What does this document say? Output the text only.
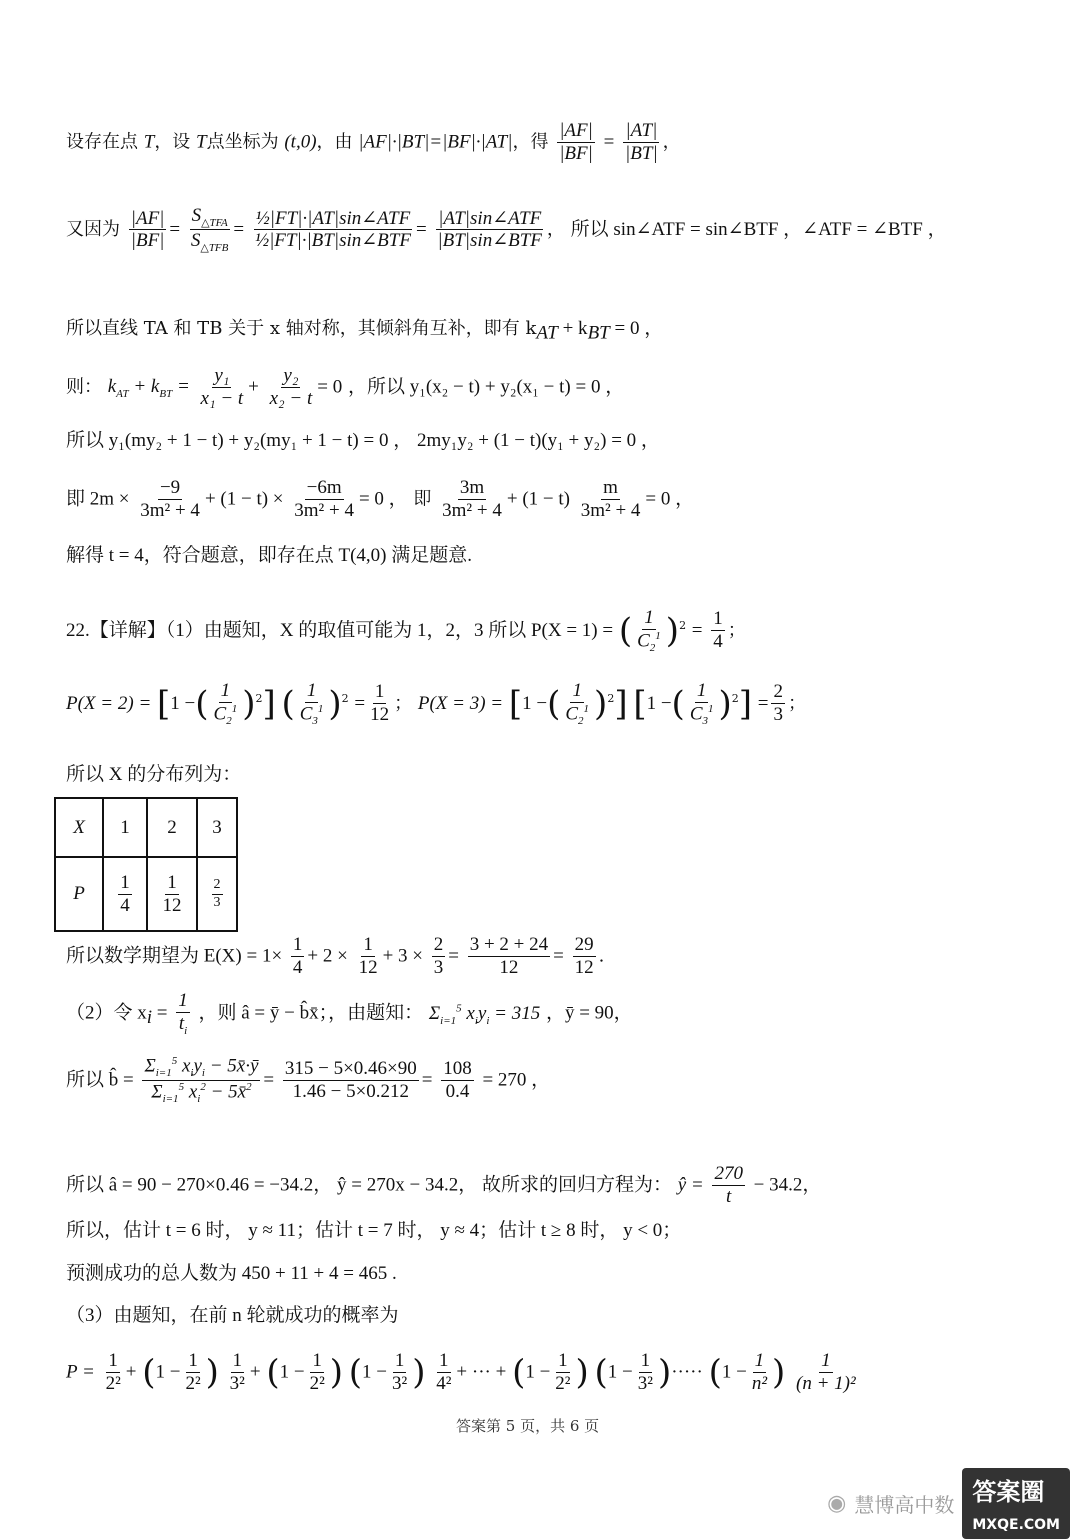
设存在点 T，设 T点坐标为 (t,0)，由 |AF|·|BT|=|BF|·|AT|，得 $\frac{|AF|}{|BF|} = \frac{|AT|}{|BT|}$ ，
又因为 $\frac{|AF|}{|BF|} = \frac{S_{\triangle TFA}}{S_{\triangle TFB}} = \frac{\text{½|FT|·|AT|sin∠ATF}}{\text{½|FT|·|BT|sin∠BTF}} = \frac{\text{|AT|sin∠ATF}}{\text{|BT|sin∠BTF}}$ ， 所以 sin∠ATF = sin∠BTF ，∠ATF = ∠BTF ，
所以直线 TA 和 TB 关于 x 轴对称，其倾斜角互补，即有 $k_{AT} + k_{BT} = 0$ ，
则： $k_{AT} + k_{BT} = \frac{\text{y₁}}{\text{x₁ − t}} + \frac{\text{y₂}}{\text{x₂ − t}} = 0$ ，所以 y₁(x₂ − t) + y₂(x₁ − t) = 0 ，
所以 y₁(my₂ + 1 − t) + y₂(my₁ + 1 − t) = 0 ， 2my₁y₂ + (1 − t)(y₁ + y₂) = 0 ，
即 $2m \times \frac{-9}{\text{3m² + 4}} + (1 - t) \times \frac{-6m}{\text{3m² + 4}} = 0$ ， 即 $\frac{3m}{\text{3m² + 4}} + (1 - t) \frac{m}{\text{3m² + 4}} = 0$ ，
解得 t = 4，符合题意，即存在点 T(4,0) 满足题意.
22.【详解】（1）由题知，X 的取值可能为 1，2，3 所以 P(X = 1) = ( $\frac{1}{C_2^1} )^2 = \frac{1}{4}$ ；
P(X = 2) = [1 −( $\frac{1}{C_2^1} )^2$] ( $\frac{1}{C_3^1} )^2 = \frac{1}{12}$ ； P(X = 3) = [1 −( $\frac{1}{C_2^1} )^2$] [1 −( $\frac{1}{C_3^1} )^2] = \frac{2}{3}$ ；
所以 X 的分布列为：
X	1	2	3
P	$\frac{1}{4}$	$\frac{1}{12}$	$\frac{2}{3}$
所以数学期望为 $E(X) = 1\times \frac{1}{4} + 2 \times \frac{1}{12} + 3 \times \frac{2}{3} = \frac{3 + 2 + 24}{12} = \frac{29}{12}$ .
（2）令 $x_i = \frac{1}{t_i}$ ，则 â = ȳ − b̂x̄；，由题知： $\Sigma_{i=1}^5$ $x_iy_i = 315$ ，ȳ = 90，
所以 b̂ = $\frac{\Sigma_{i=1}^5 x_iy_i - 5x̄\cdot ȳ}{\Sigma_{i=1}^5 x_i^2 - 5x̄^2} = \frac{315 - 5\times 0.46\times 90}{1.46 - 5\times 0.212} = \frac{108}{0.4} = 270$ ，
所以 â = 90 − 270×0.46 = −34.2， ŷ = 270x − 34.2， 故所求的回归方程为： ŷ = $\frac{270}{t} - 34.2$，
所以，估计 t = 6 时， y ≈ 11；估计 t = 7 时， y ≈ 4；估计 t ≥ 8 时， y < 0；
预测成功的总人数为 450 + 11 + 4 = 465 .
（3）由题知，在前 n 轮就成功的概率为
$P = \frac{1}{\text{2²}} + (1 - \frac{1}{\text{2²}}$ ) $\frac{1}{\text{3²}} + (1 - \frac{1}{\text{2²}}$ ) ($1 - \frac{1}{\text{3²}}$ ) $\frac{1}{\text{4²}}$ + ··· + ($1 - \frac{1}{\text{2²}}$ ) ($1 - \frac{1}{\text{3²}}$ )····· ($1 - \frac{1}{\text{n²}}$ ) $\frac{1}{\text{(n + 1)²}}$
答案第 5 页，共 6 页
◉ 慧博高中数 答案圈
MXQE.COM
